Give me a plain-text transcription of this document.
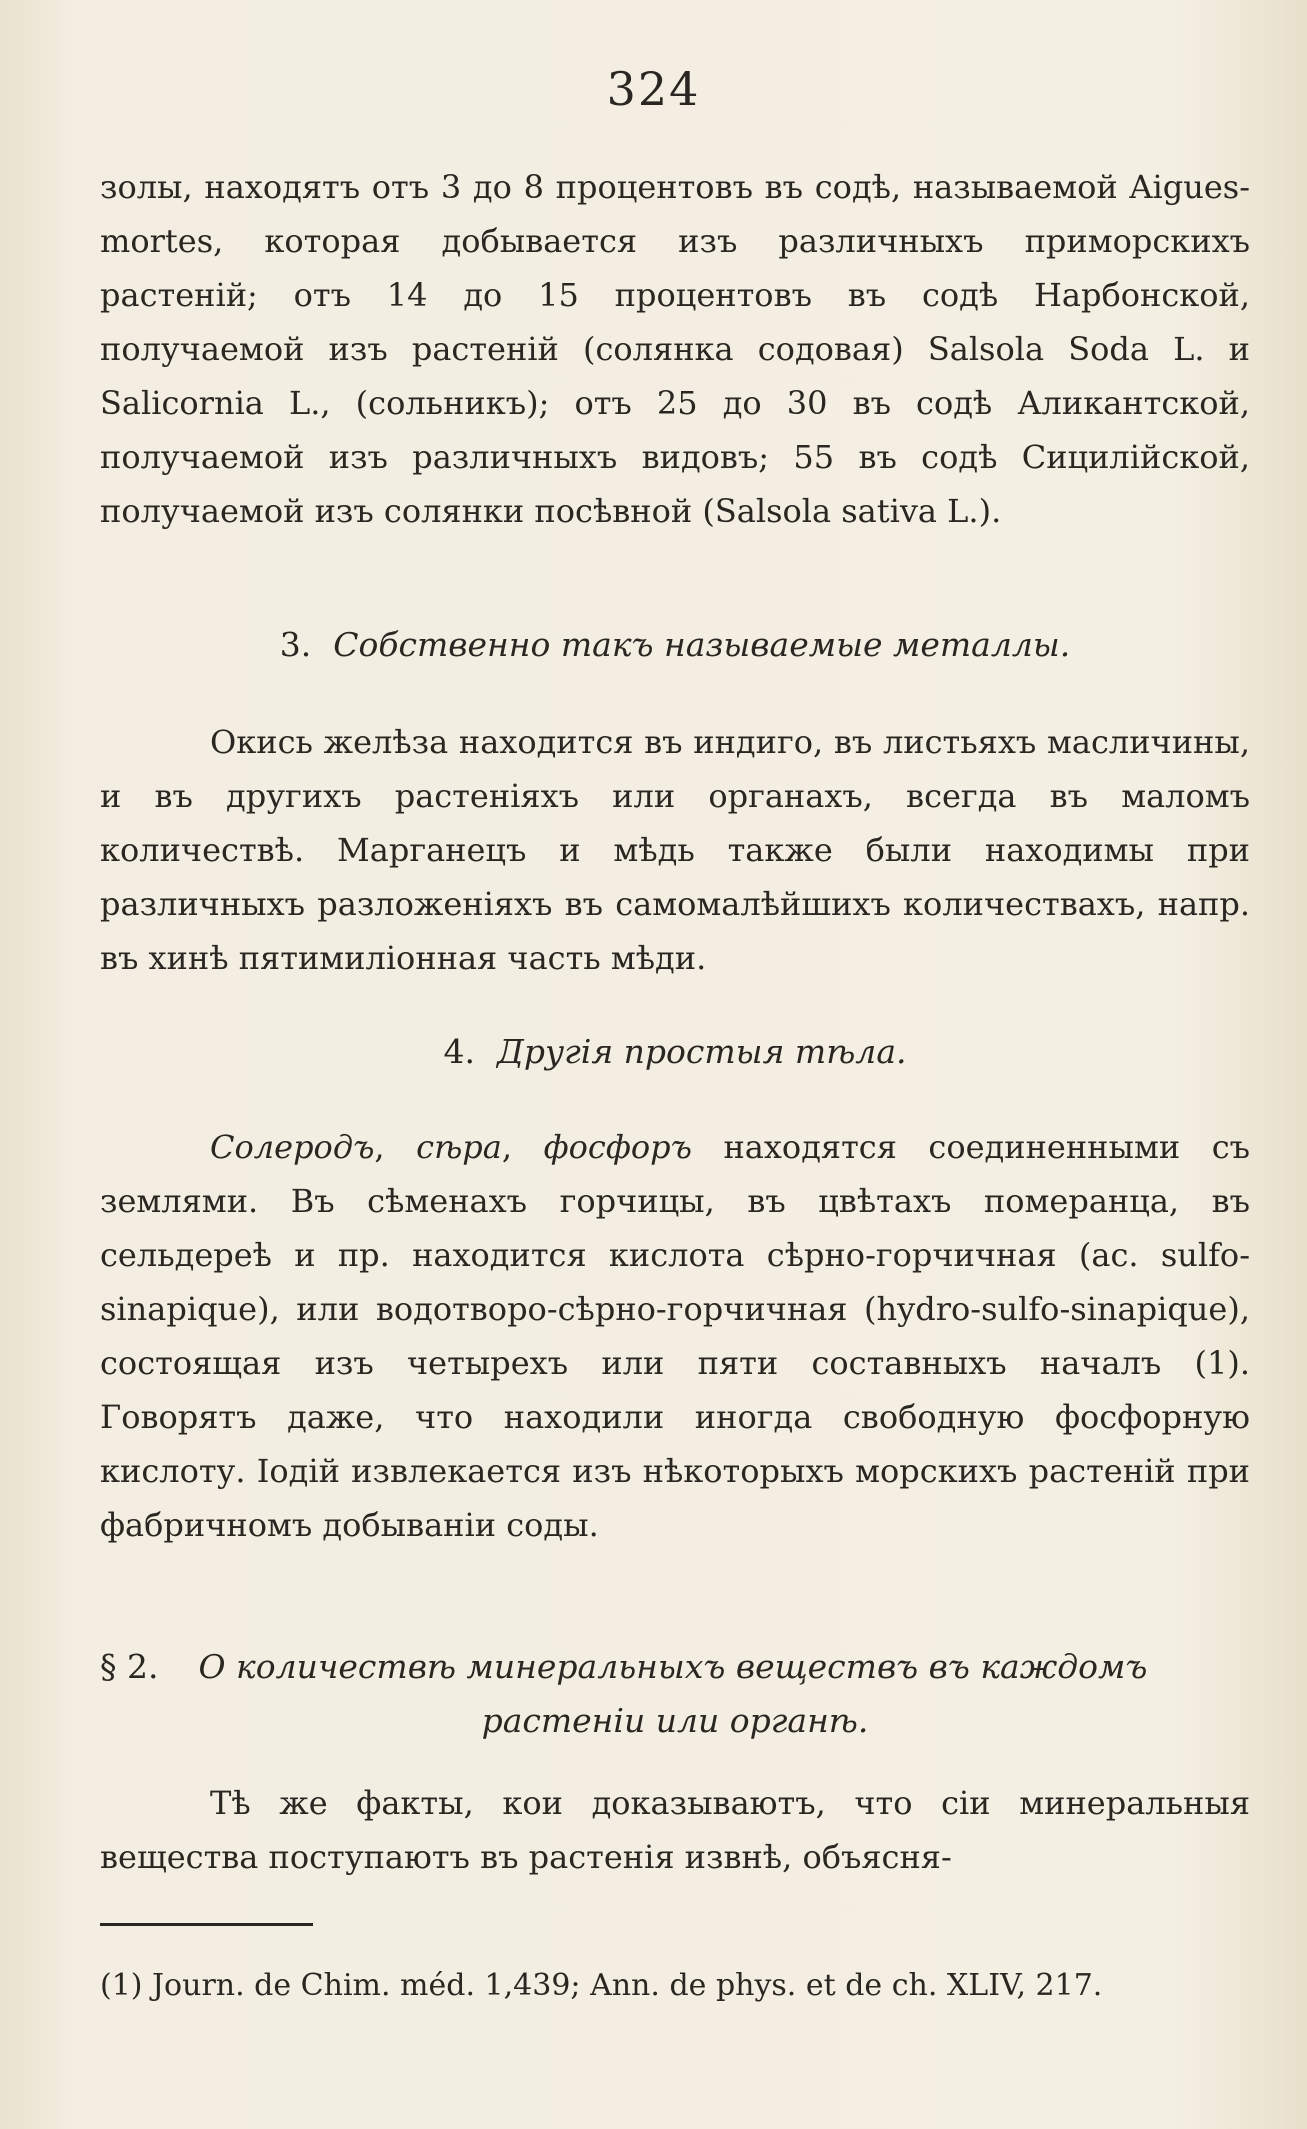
324

золы, находятъ отъ 3 до 8 процентовъ въ содѣ, называемой Aigues-mortes, которая добывается изъ различныхъ приморскихъ растенiй; отъ 14 до 15 процентовъ въ содѣ Нарбонской, получаемой изъ растенiй (солянка содовая) Salsola Soda L. и Salicornia L., (сольникъ); отъ 25 до 30 въ содѣ Аликантской, получаемой изъ различныхъ видовъ; 55 въ содѣ Сицилiйской, получаемой изъ солянки посѣвной (Salsola sativa L.).

3. Собственно такъ называемые металлы.

Окись желѣза находится въ индиго, въ листьяхъ масличины, и въ другихъ растенiяхъ или органахъ, всегда въ маломъ количествѣ. Марганецъ и мѣдь также были находимы при различныхъ разложенiяхъ въ самомалѣйшихъ количествахъ, напр. въ хинѣ пятимилiонная часть мѣди.

4. Другiя простыя тѣла.

Солеродъ, сѣра, фосфоръ находятся соединенными съ землями. Въ сѣменахъ горчицы, въ цвѣтахъ померанца, въ сельдереѣ и пр. находится кислота сѣрно-горчичная (ac. sulfo-sinapique), или водотворо-сѣрно-горчичная (hydro-sulfo-sinapique), состоящая изъ четырехъ или пяти составныхъ началъ (1). Говорятъ даже, что находили иногда свободную фосфорную кислоту. Iодiй извлекается изъ нѣкоторыхъ морскихъ растенiй при фабричномъ добыванiи соды.

§ 2. О количествѣ минеральныхъ веществъ въ каждомъ
растенiи или органѣ.

Тѣ же факты, кои доказываютъ, что сiи минеральныя вещества поступаютъ въ растенiя извнѣ, объясня-

(1) Journ. de Chim. méd. 1,439; Ann. de phys. et de ch. XLIV, 217.
